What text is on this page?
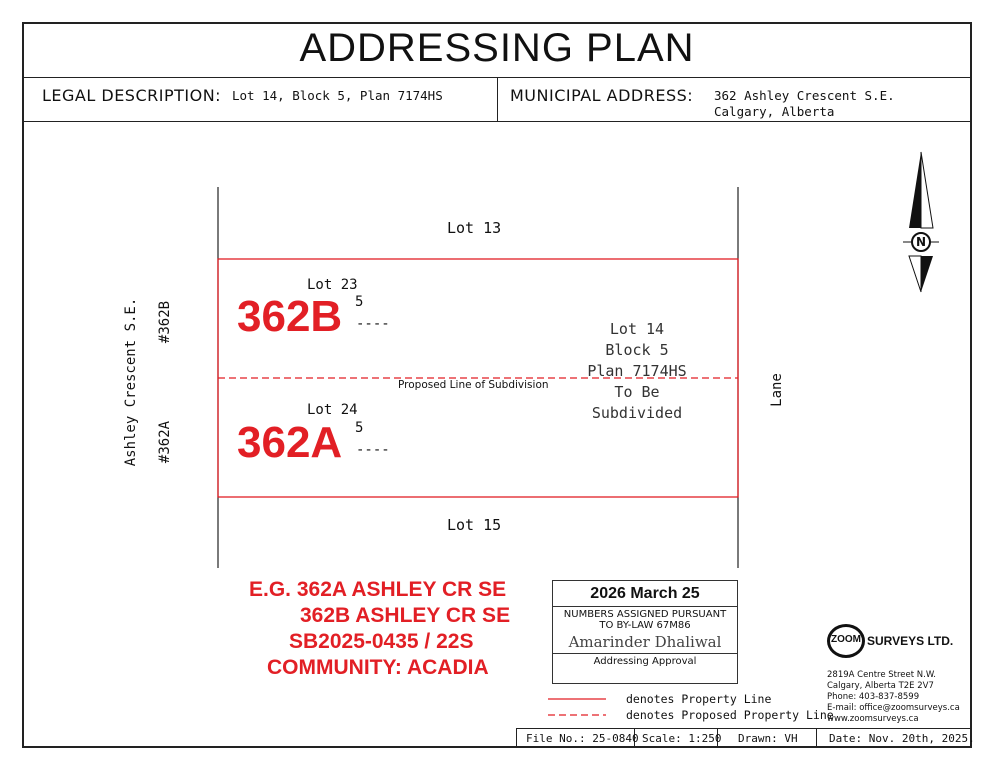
ADDRESSING PLAN
LEGAL DESCRIPTION: Lot 14, Block 5, Plan 7174HS	MUNICIPAL ADDRESS: 362 Ashley Crescent S.E.
Calgary, Alberta
N
Lot 13
Lot 15
Lot 23
Lot 24
362B 5
----
362A 5
----
Proposed Line of Subdivision
Lot 14
Block 5
Plan 7174HS
To Be
Subdivided
Ashley Crescent S.E. #362B
#362A
Lane
E.G. 362A ASHLEY CR SE
362B ASHLEY CR SE
SB2025-0435 / 22S
COMMUNITY: ACADIA
2026 March 25
NUMBERS ASSIGNED PURSUANT
TO BY-LAW 67M86
Amarinder Dhaliwal
Addressing Approval
denotes Property Line
denotes Proposed Property Line
ZOOM SURVEYS LTD.
2819A Centre Street N.W.
Calgary, Alberta T2E 2V7
Phone: 403-837-8599
E-mail: office@zoomsurveys.ca
www.zoomsurveys.ca
File No.: 25-0840 Scale: 1:250 Drawn: VH	Date: Nov. 20th, 2025.
